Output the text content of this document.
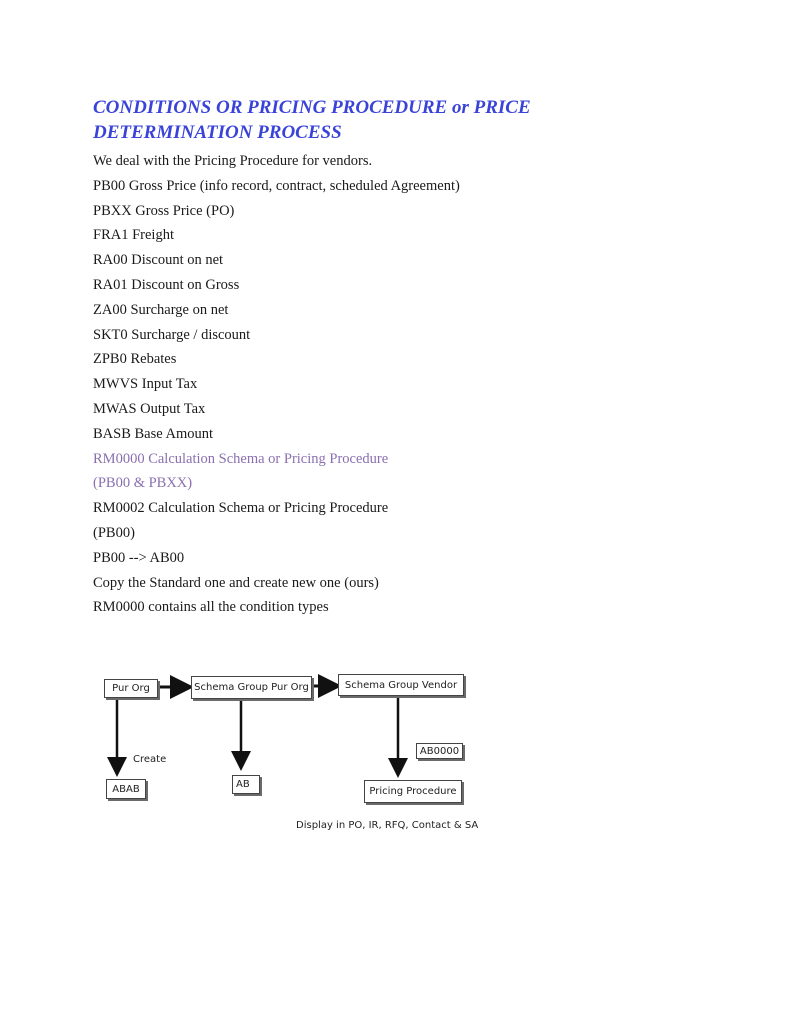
CONDITIONS OR PRICING PROCEDURE or PRICE DETERMINATION PROCESS
We deal with the Pricing Procedure for vendors.
PB00 Gross Price (info record, contract, scheduled Agreement)
PBXX Gross Price (PO)
FRA1 Freight
RA00 Discount on net
RA01 Discount on Gross
ZA00 Surcharge on net
SKT0 Surcharge / discount
ZPB0 Rebates
MWVS Input Tax
MWAS Output Tax
BASB Base Amount
RM0000 Calculation Schema or Pricing Procedure
(PB00 & PBXX)
RM0002 Calculation Schema or Pricing Procedure
(PB00)
PB00 --> AB00
Copy the Standard one and create new one (ours)
RM0000 contains all the condition types
Pur Org	Schema Group Pur Org	Schema Group Vendor
AB0000
ABAB	AB
Pricing Procedure
Create
Display in PO, IR, RFQ, Contact & SA
